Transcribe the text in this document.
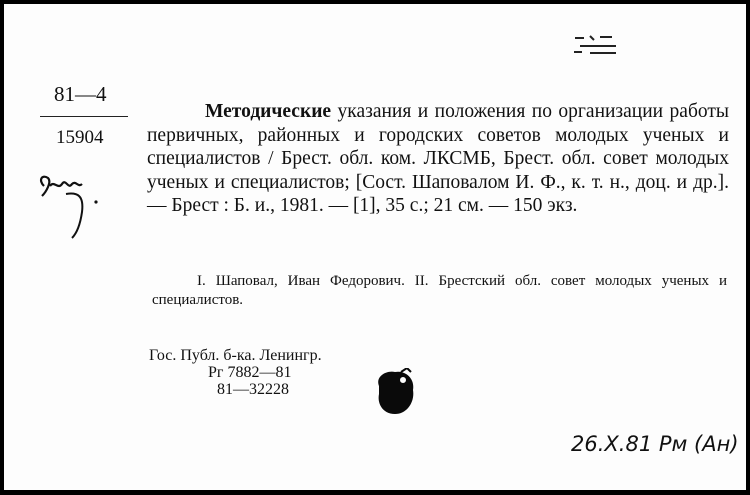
81—4
15904
Методические указания и положения по организации работы первичных, районных и городских советов молодых ученых и специалистов / Брест. обл. ком. ЛКСМБ, Брест. обл. совет молодых ученых и специалистов; [Сост. Шаповалом И. Ф., к. т. н., доц. и др.]. — Брест : Б. и., 1981. — [1], 35 с.; 21 см. — 150 экз.
I. Шаповал, Иван Федорович. II. Брестский обл. совет молодых ученых и специалистов.
Гос. Публ. б-ка. Ленингр.
Рг 7882—81
81—32228
26.Х.81 Рм (Ан)
